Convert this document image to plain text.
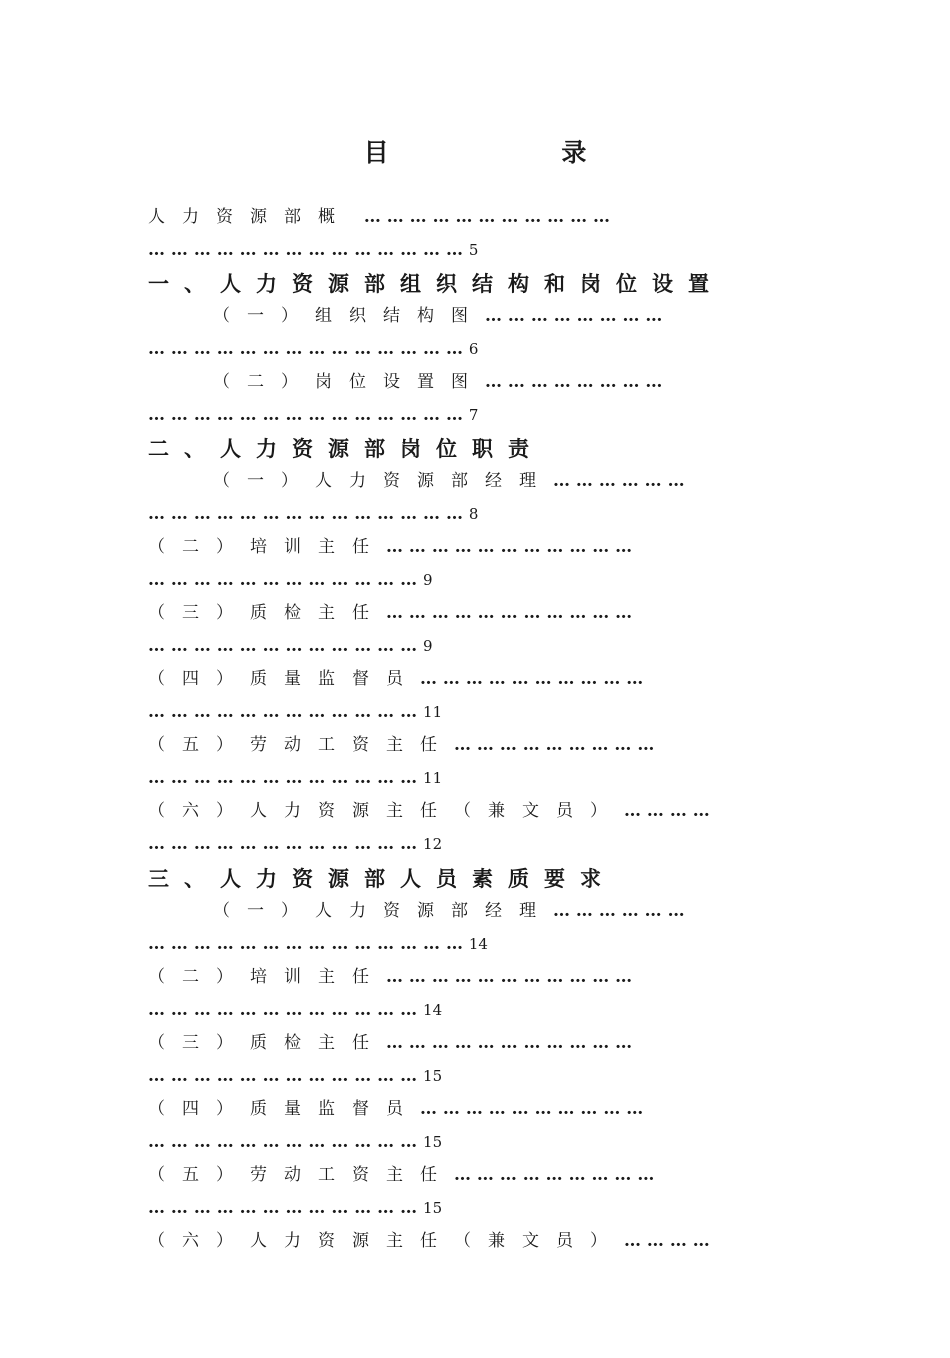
目 录
人力资源部概  … … … … … … … … … … …
… … … … … … … … … … … … … … 5
一、人力资源部组织结构和岗位设置
（一）组织结构图… … … … … … … …
… … … … … … … … … … … … … … 6
（二）岗位设置图… … … … … … … …
… … … … … … … … … … … … … … 7
二、人力资源部岗位职责
（一）人力资源部经理… … … … … …
… … … … … … … … … … … … … … 8
（二）培训主任… … … … … … … … … … …
… … … … … … … … … … … … 9
（三）质检主任… … … … … … … … … … …
… … … … … … … … … … … … 9
（四）质量监督员… … … … … … … … … …
… … … … … … … … … … … … 11
（五）劳动工资主任… … … … … … … … …
… … … … … … … … … … … … 11
（六）人力资源主任（兼文员）… … … …
… … … … … … … … … … … … 12
三、人力资源部人员素质要求
（一）人力资源部经理… … … … … …
… … … … … … … … … … … … … … 14
（二）培训主任… … … … … … … … … … …
… … … … … … … … … … … … 14
（三）质检主任… … … … … … … … … … …
… … … … … … … … … … … … 15
（四）质量监督员… … … … … … … … … …
… … … … … … … … … … … … 15
（五）劳动工资主任… … … … … … … … …
… … … … … … … … … … … … 15
（六）人力资源主任（兼文员）… … … …
